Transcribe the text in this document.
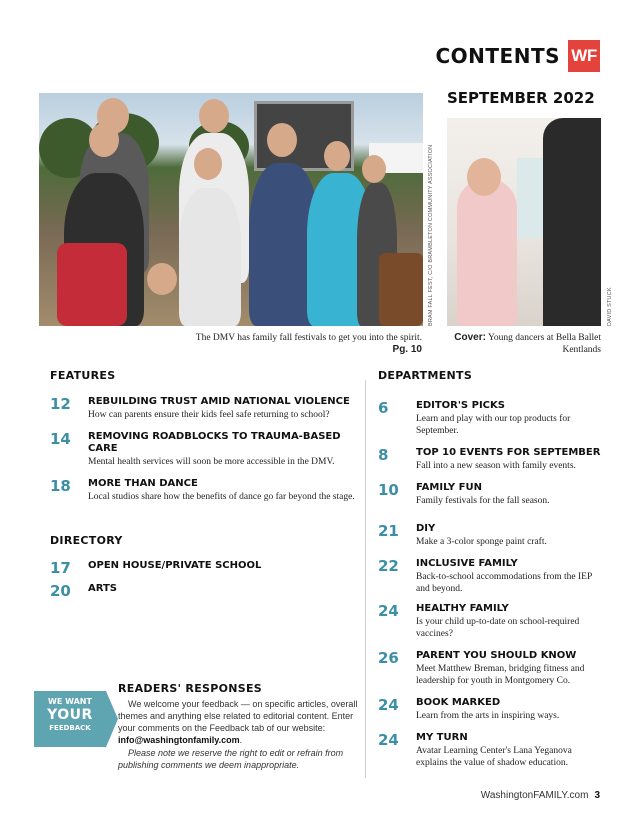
CONTENTS WF
SEPTEMBER 2022
BRAM FALL FEST, C/O BRAMBLETON COMMUNITY ASSOCIATION
The DMV has family fall festivals to get you into the spirit.
Pg. 10
DAVID STUCK
Cover: Young dancers at Bella Ballet Kentlands
FEATURES
12	REBUILDING TRUST AMID NATIONAL VIOLENCE
How can parents ensure their kids feel safe returning to school?
14	REMOVING ROADBLOCKS TO TRAUMA-BASED CARE
Mental health services will soon be more accessible in the DMV.
18	MORE THAN DANCE
Local studios share how the benefits of dance go far beyond the stage.
DIRECTORY
17	OPEN HOUSE/PRIVATE SCHOOL
20	ARTS
DEPARTMENTS
6	EDITOR'S PICKS
Learn and play with our top products for September.
8	TOP 10 EVENTS FOR SEPTEMBER
Fall into a new season with family events.
10	FAMILY FUN
Family festivals for the fall season.
21	DIY
Make a 3-color sponge paint craft.
22	INCLUSIVE FAMILY
Back-to-school accommodations from the IEP and beyond.
24	HEALTHY FAMILY
Is your child up-to-date on school-required vaccines?
26	PARENT YOU SHOULD KNOW
Meet Matthew Breman, bridging fitness and leadership for youth in Montgomery Co.
24	BOOK MARKED
Learn from the arts in inspiring ways.
24	MY TURN
Avatar Learning Center's Lana Yeganova explains the value of shadow education.
WE WANT
YOUR
FEEDBACK
READERS' RESPONSES
We welcome your feedback — on specific articles, overall themes and anything else related to editorial content. Enter your comments on the Feedback tab of our website: info@washingtonfamily.com.
Please note we reserve the right to edit or refrain from publishing comments we deem inappropriate.
WashingtonFAMILY.com 3
